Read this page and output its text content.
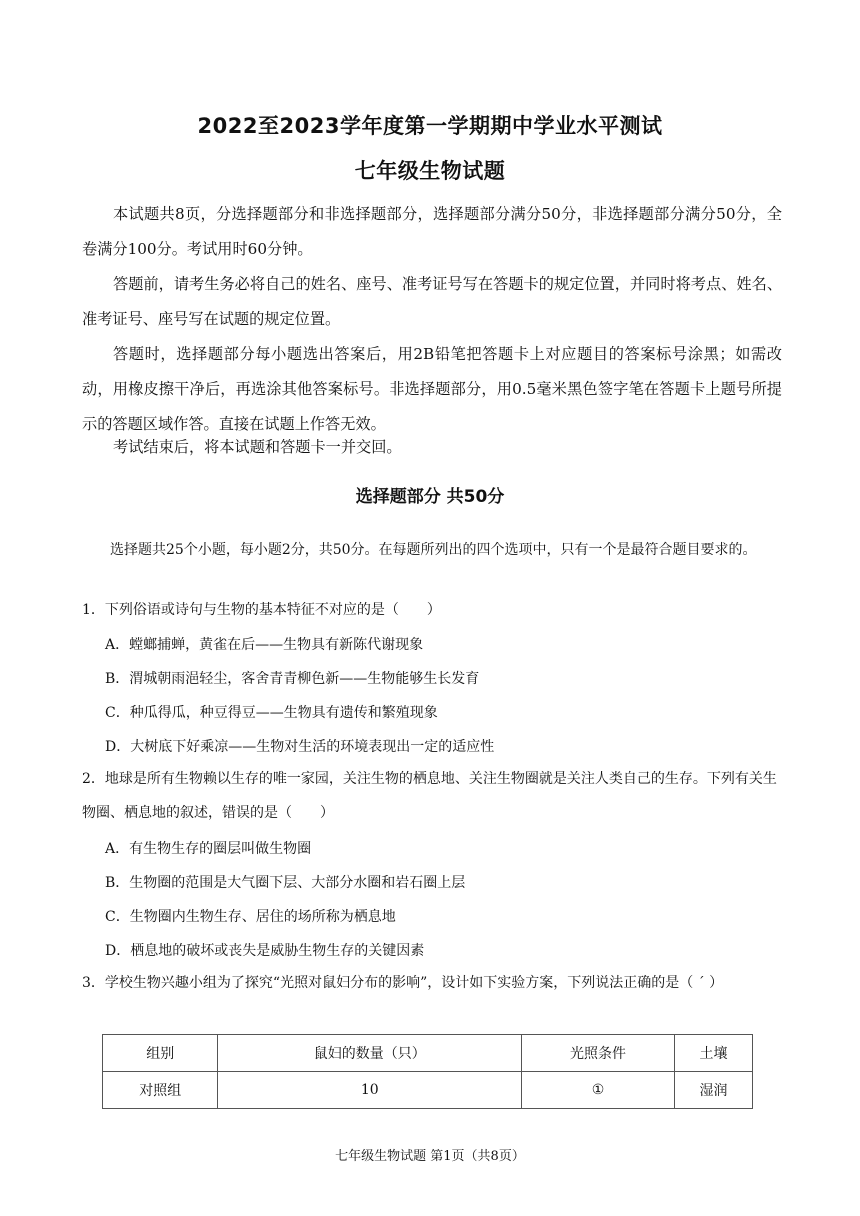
2022至2023学年度第一学期期中学业水平测试
七年级生物试题

本试题共8页，分选择题部分和非选择题部分，选择题部分满分50分，非选择题部分满分50分，全卷满分100分。考试用时60分钟。

答题前，请考生务必将自己的姓名、座号、准考证号写在答题卡的规定位置，并同时将考点、姓名、准考证号、座号写在试题的规定位置。

答题时，选择题部分每小题选出答案后，用2B铅笔把答题卡上对应题目的答案标号涂黑；如需改动，用橡皮擦干净后，再选涂其他答案标号。非选择题部分，用0.5毫米黑色签字笔在答题卡上题号所提示的答题区域作答。直接在试题上作答无效。

考试结束后，将本试题和答题卡一并交回。

选择题部分 共50分

选择题共25个小题，每小题2分，共50分。在每题所列出的四个选项中，只有一个是最符合题目要求的。

1．下列俗语或诗句与生物的基本特征不对应的是（　　）

A．螳螂捕蝉，黄雀在后——生物具有新陈代谢现象

B．渭城朝雨浥轻尘，客舍青青柳色新——生物能够生长发育

C．种瓜得瓜，种豆得豆——生物具有遗传和繁殖现象

D．大树底下好乘凉——生物对生活的环境表现出一定的适应性

2．地球是所有生物赖以生存的唯一家园，关注生物的栖息地、关注生物圈就是关注人类自己的生存。下列有关生物圈、栖息地的叙述，错误的是（　　）

A．有生物生存的圈层叫做生物圈

B．生物圈的范围是大气圈下层、大部分水圈和岩石圈上层

C．生物圈内生物生存、居住的场所称为栖息地

D．栖息地的破坏或丧失是威胁生物生存的关键因素

3．学校生物兴趣小组为了探究“光照对鼠妇分布的影响”，设计如下实验方案，下列说法正确的是（ ´ ）

组别	鼠妇的数量（只）	光照条件	土壤
对照组	10	①	湿润
七年级生物试题 第1页（共8页）
